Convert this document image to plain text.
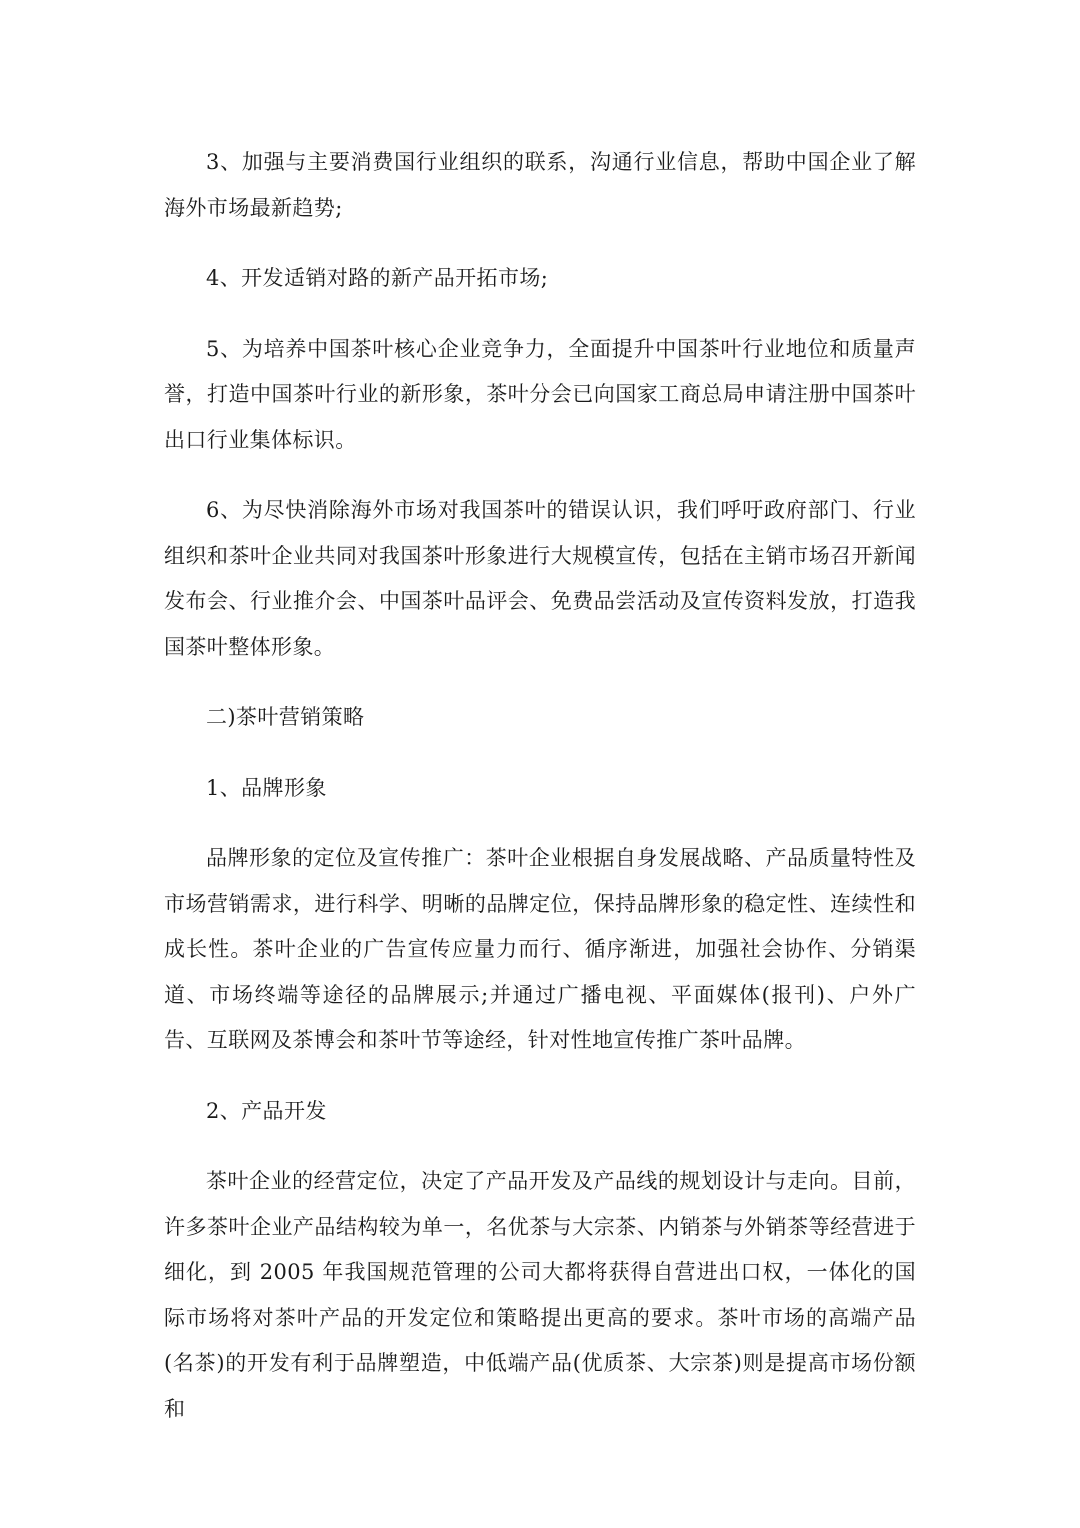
3、加强与主要消费国行业组织的联系，沟通行业信息，帮助中国企业了解海外市场最新趋势;

4、开发适销对路的新产品开拓市场;

5、为培养中国茶叶核心企业竞争力，全面提升中国茶叶行业地位和质量声誉，打造中国茶叶行业的新形象，茶叶分会已向国家工商总局申请注册中国茶叶出口行业集体标识。

6、为尽快消除海外市场对我国茶叶的错误认识，我们呼吁政府部门、行业组织和茶叶企业共同对我国茶叶形象进行大规模宣传，包括在主销市场召开新闻发布会、行业推介会、中国茶叶品评会、免费品尝活动及宣传资料发放，打造我国茶叶整体形象。

二)茶叶营销策略

1、品牌形象

品牌形象的定位及宣传推广：茶叶企业根据自身发展战略、产品质量特性及市场营销需求，进行科学、明晰的品牌定位，保持品牌形象的稳定性、连续性和成长性。茶叶企业的广告宣传应量力而行、循序渐进，加强社会协作、分销渠道、市场终端等途径的品牌展示;并通过广播电视、平面媒体(报刊)、户外广告、互联网及茶博会和茶叶节等途经，针对性地宣传推广茶叶品牌。

2、产品开发

茶叶企业的经营定位，决定了产品开发及产品线的规划设计与走向。目前，许多茶叶企业产品结构较为单一，名优茶与大宗茶、内销茶与外销茶等经营进于细化，到 2005 年我国规范管理的公司大都将获得自营进出口权，一体化的国际市场将对茶叶产品的开发定位和策略提出更高的要求。茶叶市场的高端产品(名茶)的开发有利于品牌塑造，中低端产品(优质茶、大宗茶)则是提高市场份额和
